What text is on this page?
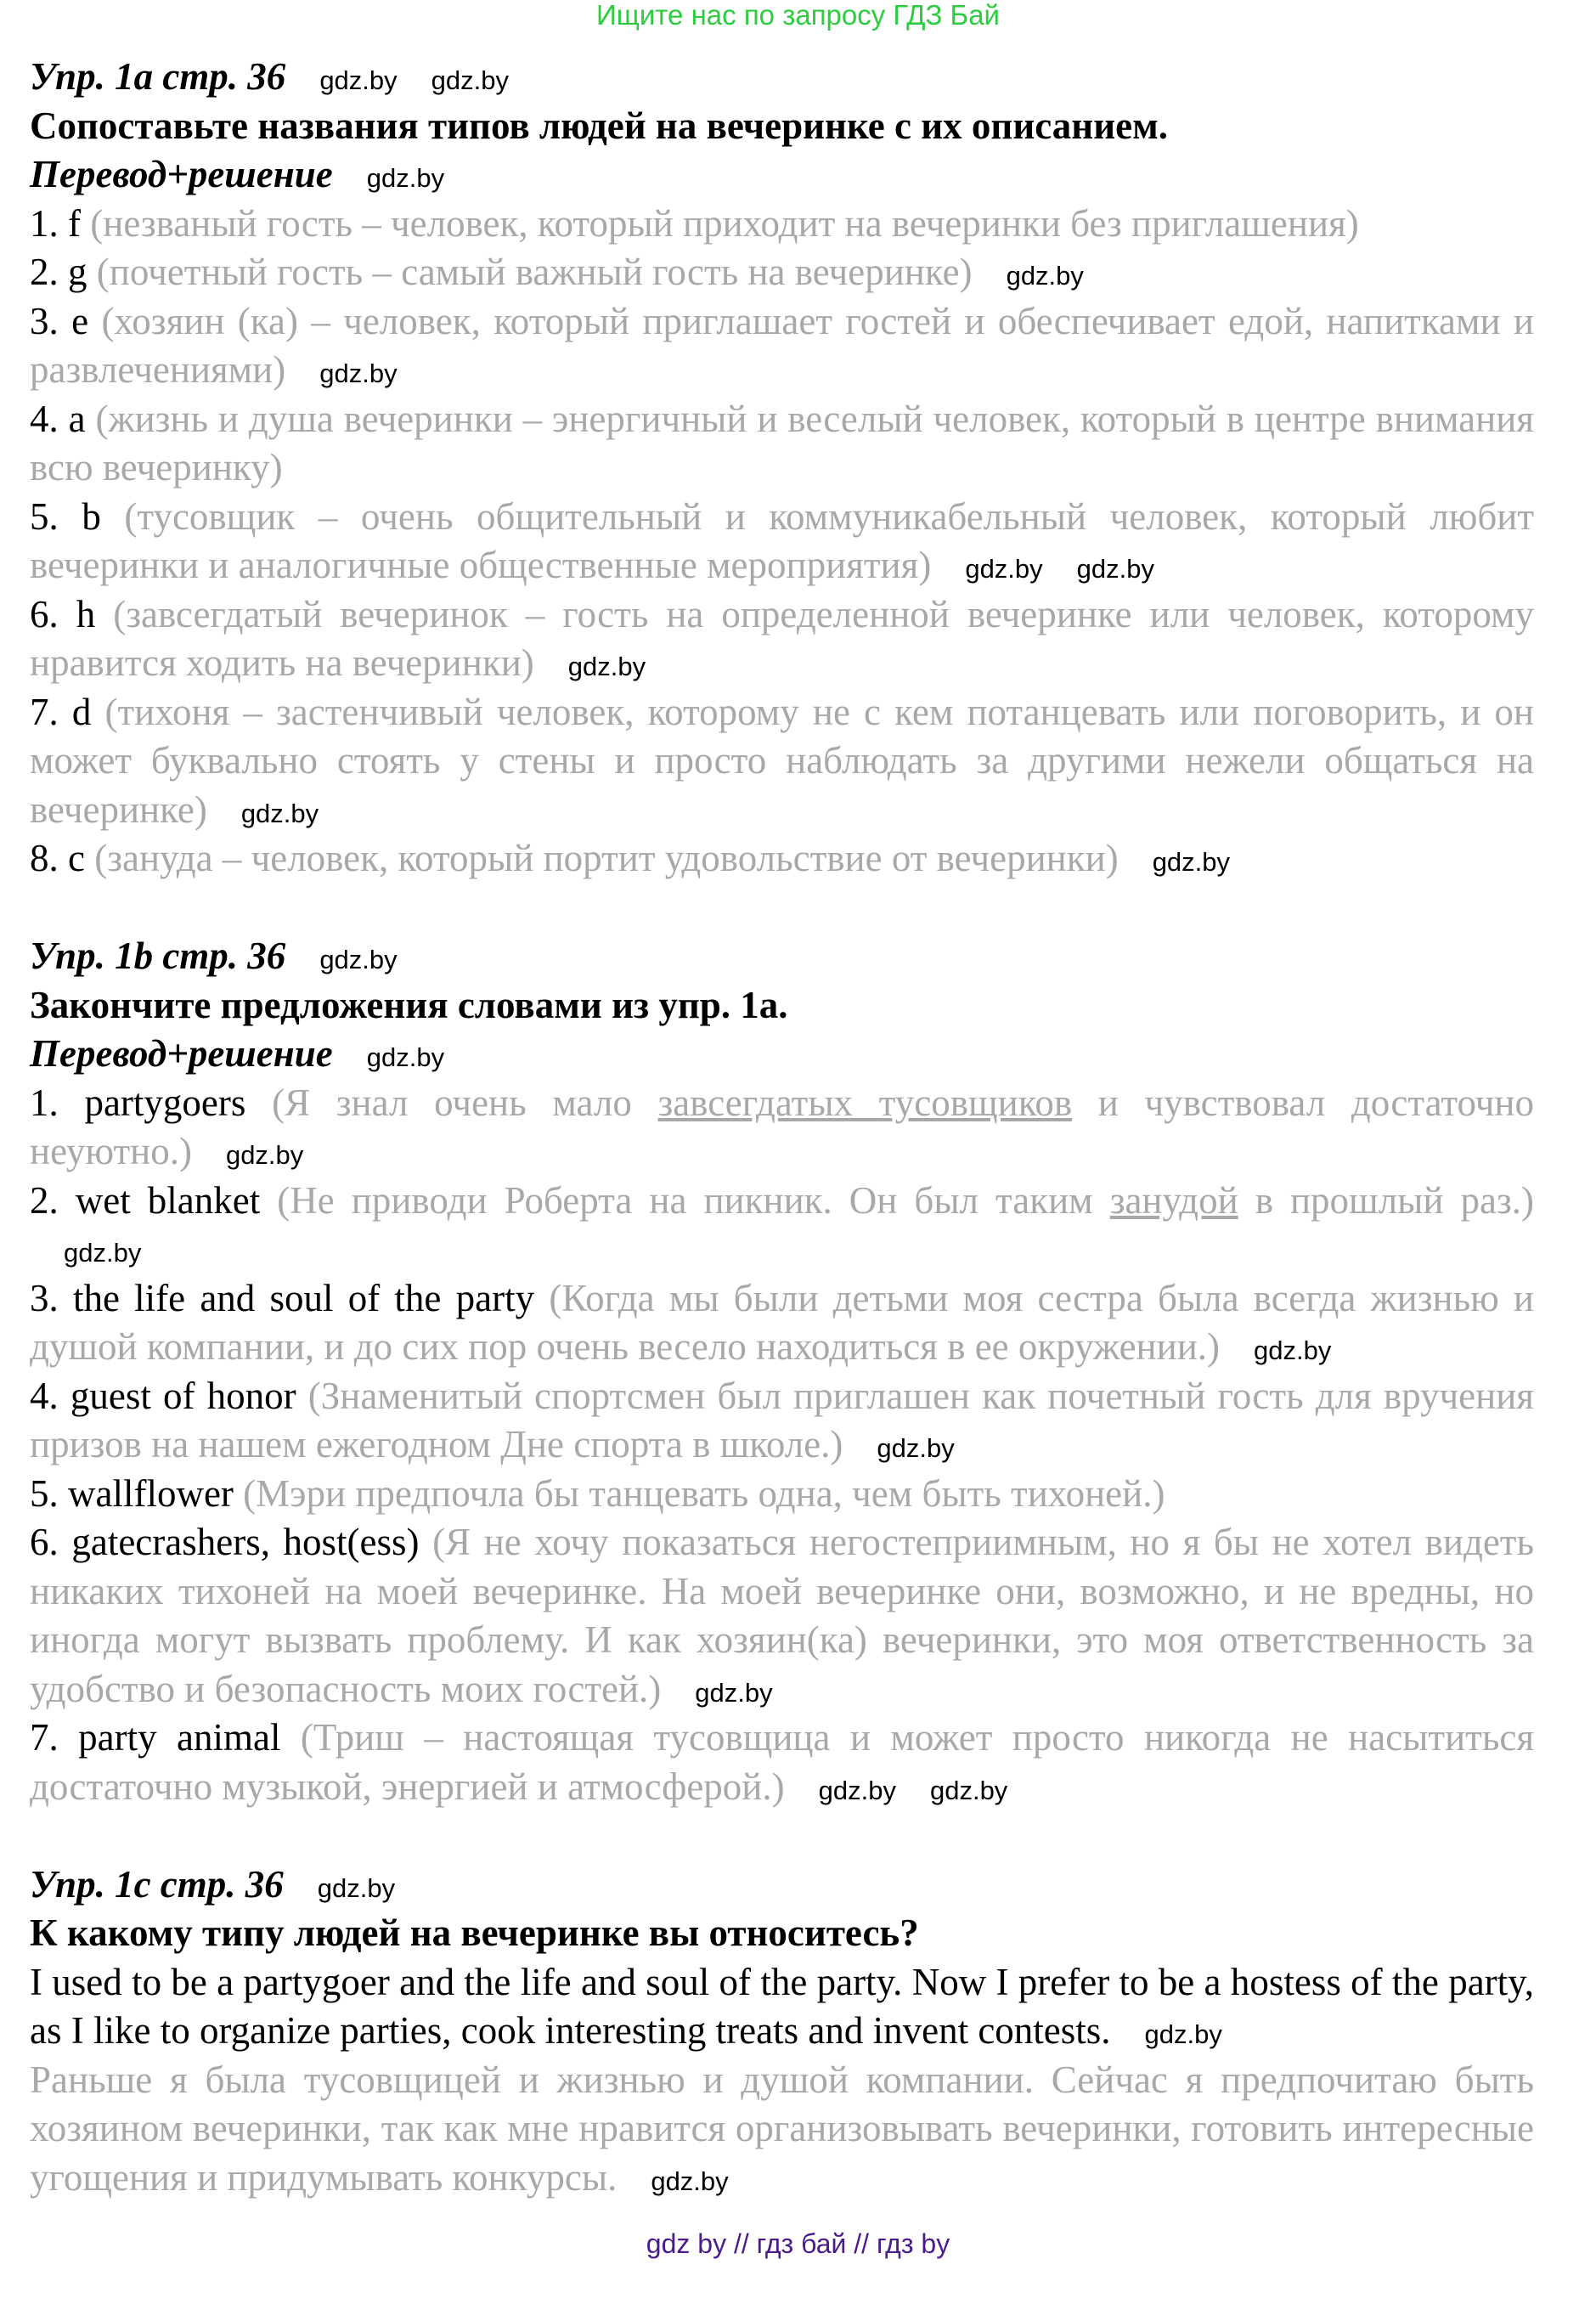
Ищите нас по запросу ГДЗ Бай

Упр. 1a стр. 36 gdz.by gdz.by

Сопоставьте названия типов людей на вечеринке с их описанием.

Перевод+решение gdz.by

1. f (незваный гость – человек, который приходит на вечеринки без приглашения)

2. g (почетный гость – самый важный гость на вечеринке) gdz.by

3. e (хозяин (ка) – человек, который приглашает гостей и обеспечивает едой, напитками и развлечениями) gdz.by

4. a (жизнь и душа вечеринки – энергичный и веселый человек, который в центре внимания всю вечеринку)

5. b (тусовщик – очень общительный и коммуникабельный человек, который любит вечеринки и аналогичные общественные мероприятия) gdz.by gdz.by

6. h (завсегдатый вечеринок – гость на определенной вечеринке или человек, которому нравится ходить на вечеринки) gdz.by

7. d (тихоня – застенчивый человек, которому не с кем потанцевать или поговорить, и он может буквально стоять у стены и просто наблюдать за другими нежели общаться на вечеринке) gdz.by

8. c (зануда – человек, который портит удовольствие от вечеринки) gdz.by

Упр. 1b стр. 36 gdz.by

Закончите предложения словами из упр. 1a.

Перевод+решение gdz.by

1. partygoers (Я знал очень мало завсегдатых тусовщиков и чувствовал достаточно неуютно.) gdz.by

2. wet blanket (Не приводи Роберта на пикник. Он был таким занудой в прошлый раз.)gdz.by

3. the life and soul of the party (Когда мы были детьми моя сестра была всегда жизнью и душой компании, и до сих пор очень весело находиться в ее окружении.) gdz.by

4. guest of honor (Знаменитый спортсмен был приглашен как почетный гость для вручения призов на нашем ежегодном Дне спорта в школе.) gdz.by

5. wallflower (Мэри предпочла бы танцевать одна, чем быть тихоней.)

6. gatecrashers, host(ess) (Я не хочу показаться негостеприимным, но я бы не хотел видеть никаких тихоней на моей вечеринке. На моей вечеринке они, возможно, и не вредны, но иногда могут вызвать проблему. И как хозяин(ка) вечеринки, это моя ответственность за удобство и безопасность моих гостей.) gdz.by

7. party animal (Триш – настоящая тусовщица и может просто никогда не насытиться достаточно музыкой, энергией и атмосферой.) gdz.by gdz.by

Упр. 1c стр. 36 gdz.by

К какому типу людей на вечеринке вы относитесь?

I used to be a partygoer and the life and soul of the party. Now I prefer to be a hostess of the party, as I like to organize parties, cook interesting treats and invent contests. gdz.by

Раньше я была тусовщицей и жизнью и душой компании. Сейчас я предпочитаю быть хозяином вечеринки, так как мне нравится организовывать вечеринки, готовить интересные угощения и придумывать конкурсы. gdz.by

gdz by // гдз бай // гдз by
